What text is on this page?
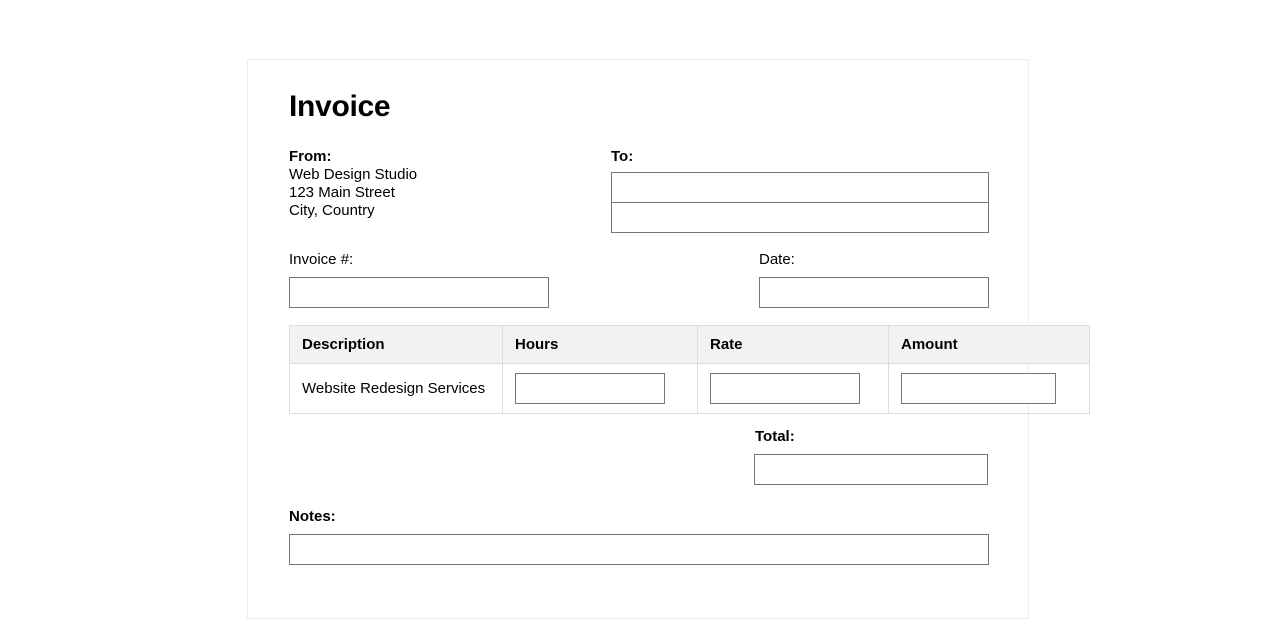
Invoice
From:
Web Design Studio
123 Main Street
City, Country
To:
Invoice #:	Date:
Description	Hours	Rate	Amount
Website Redesign Services			
Total:
Notes:
